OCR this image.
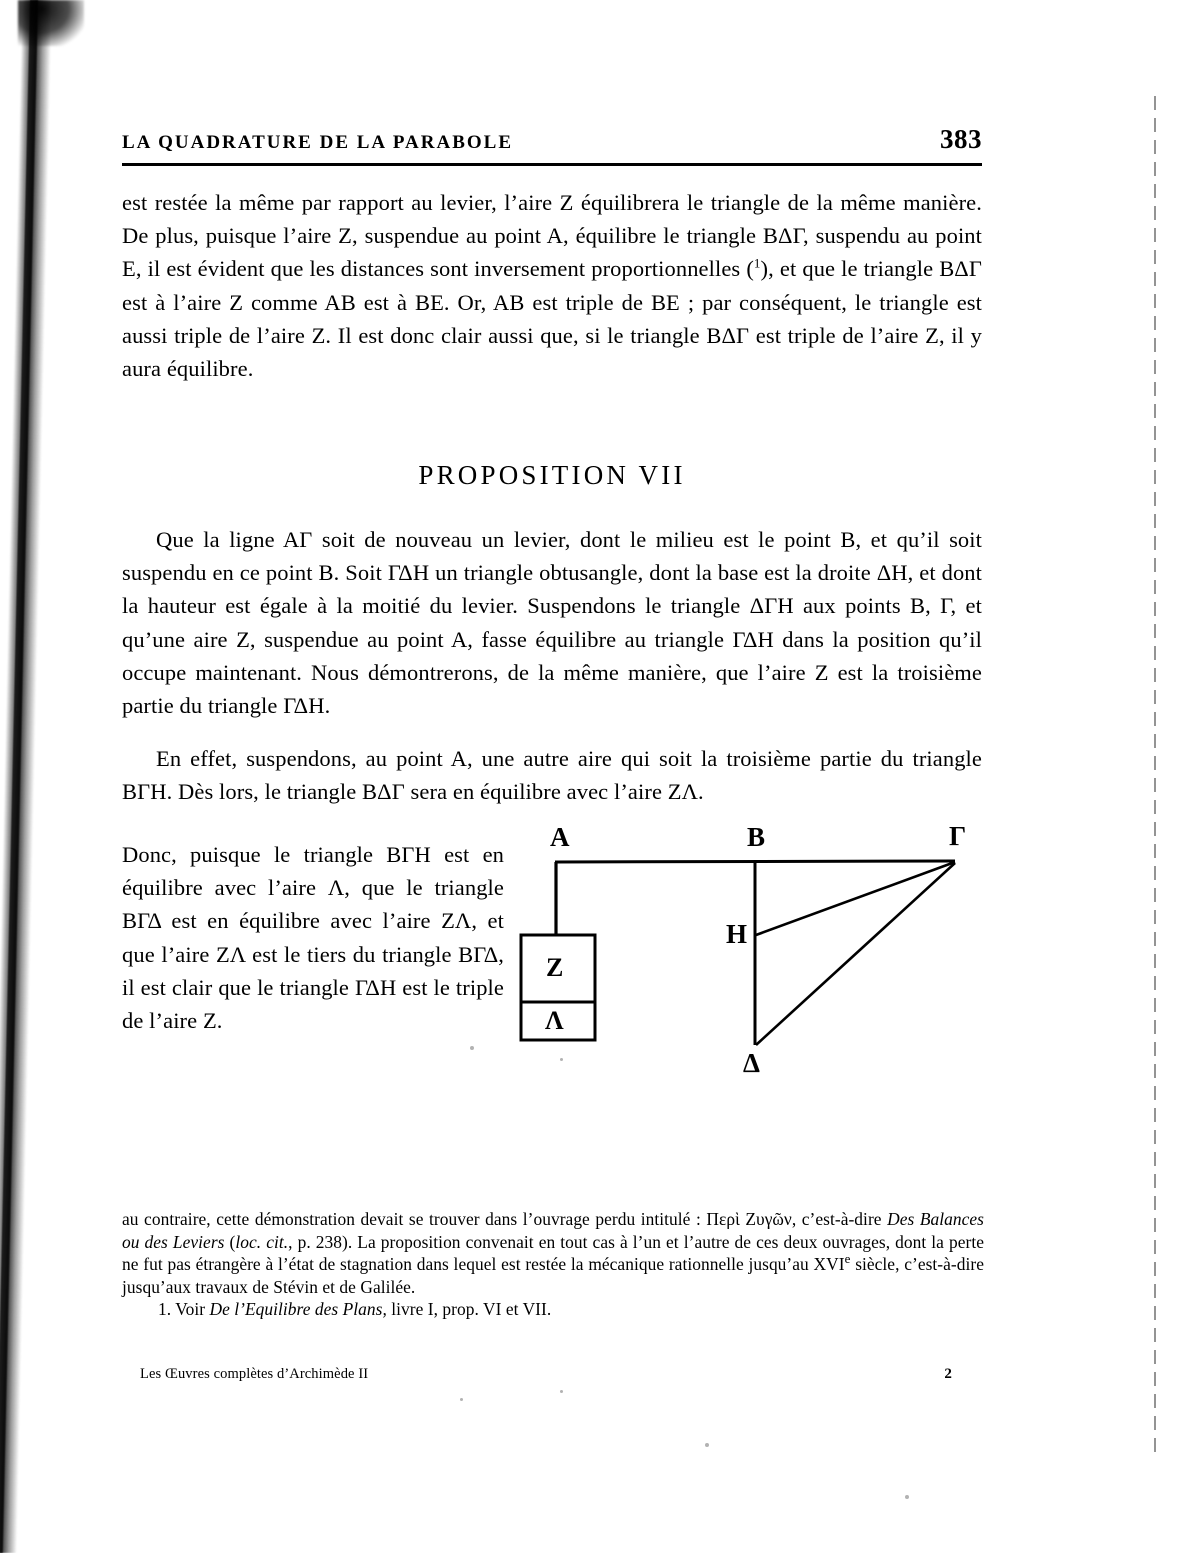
LA QUADRATURE DE LA PARABOLE	383

est restée la même par rapport au levier, l’aire Z équilibrera le triangle de la même manière. De plus, puisque l’aire Z, suspendue au point A, équilibre le triangle BΔΓ, suspendu au point E, il est évident que les distances sont inversement proportionnelles ($^1$), et que le triangle BΔΓ est à l’aire Z comme AB est à BE. Or, AB est triple de BE ; par conséquent, le triangle est aussi triple de l’aire Z. Il est donc clair aussi que, si le triangle BΔΓ est triple de l’aire Z, il y aura équilibre.

PROPOSITION VII

Que la ligne AΓ soit de nouveau un levier, dont le milieu est le point B, et qu’il soit suspendu en ce point B. Soit ΓΔH un triangle obtusangle, dont la base est la droite ΔH, et dont la hauteur est égale à la moitié du levier. Suspendons le triangle ΔΓH aux points B, Γ, et qu’une aire Z, suspendue au point A, fasse équilibre au triangle ΓΔH dans la position qu’il occupe maintenant. Nous démontrerons, de la même manière, que l’aire Z est la troisième partie du triangle ΓΔH.

En effet, suspendons, au point A, une autre aire qui soit la troisième partie du triangle BΓH. Dès lors, le triangle BΔΓ sera en équilibre avec l’aire ZΛ.

Donc, puisque le triangle BΓH est en équilibre avec l’aire Λ, que le triangle BΓΔ est en équilibre avec l’aire ZΛ, et que l’aire ZΛ est le tiers du triangle BΓΔ, il est clair que le triangle ΓΔH est le triple de l’aire Z.

A	B	Γ
H
Δ
Z
Λ

au contraire, cette démonstration devait se trouver dans l’ouvrage perdu intitulé : Περὶ Ζυγῶν, c’est-à-dire Des Balances ou des Leviers (loc. cit., p. 238). La proposition convenait en tout cas à l’un et l’autre de ces deux ouvrages, dont la perte ne fut pas étrangère à l’état de stagnation dans lequel est restée la mécanique rationnelle jusqu’au XVIe siècle, c’est-à-dire jusqu’aux travaux de Stévin et de Galilée.

1. Voir De l’Equilibre des Plans, livre I, prop. VI et VII.

Les Œuvres complètes d’Archimède II	2
